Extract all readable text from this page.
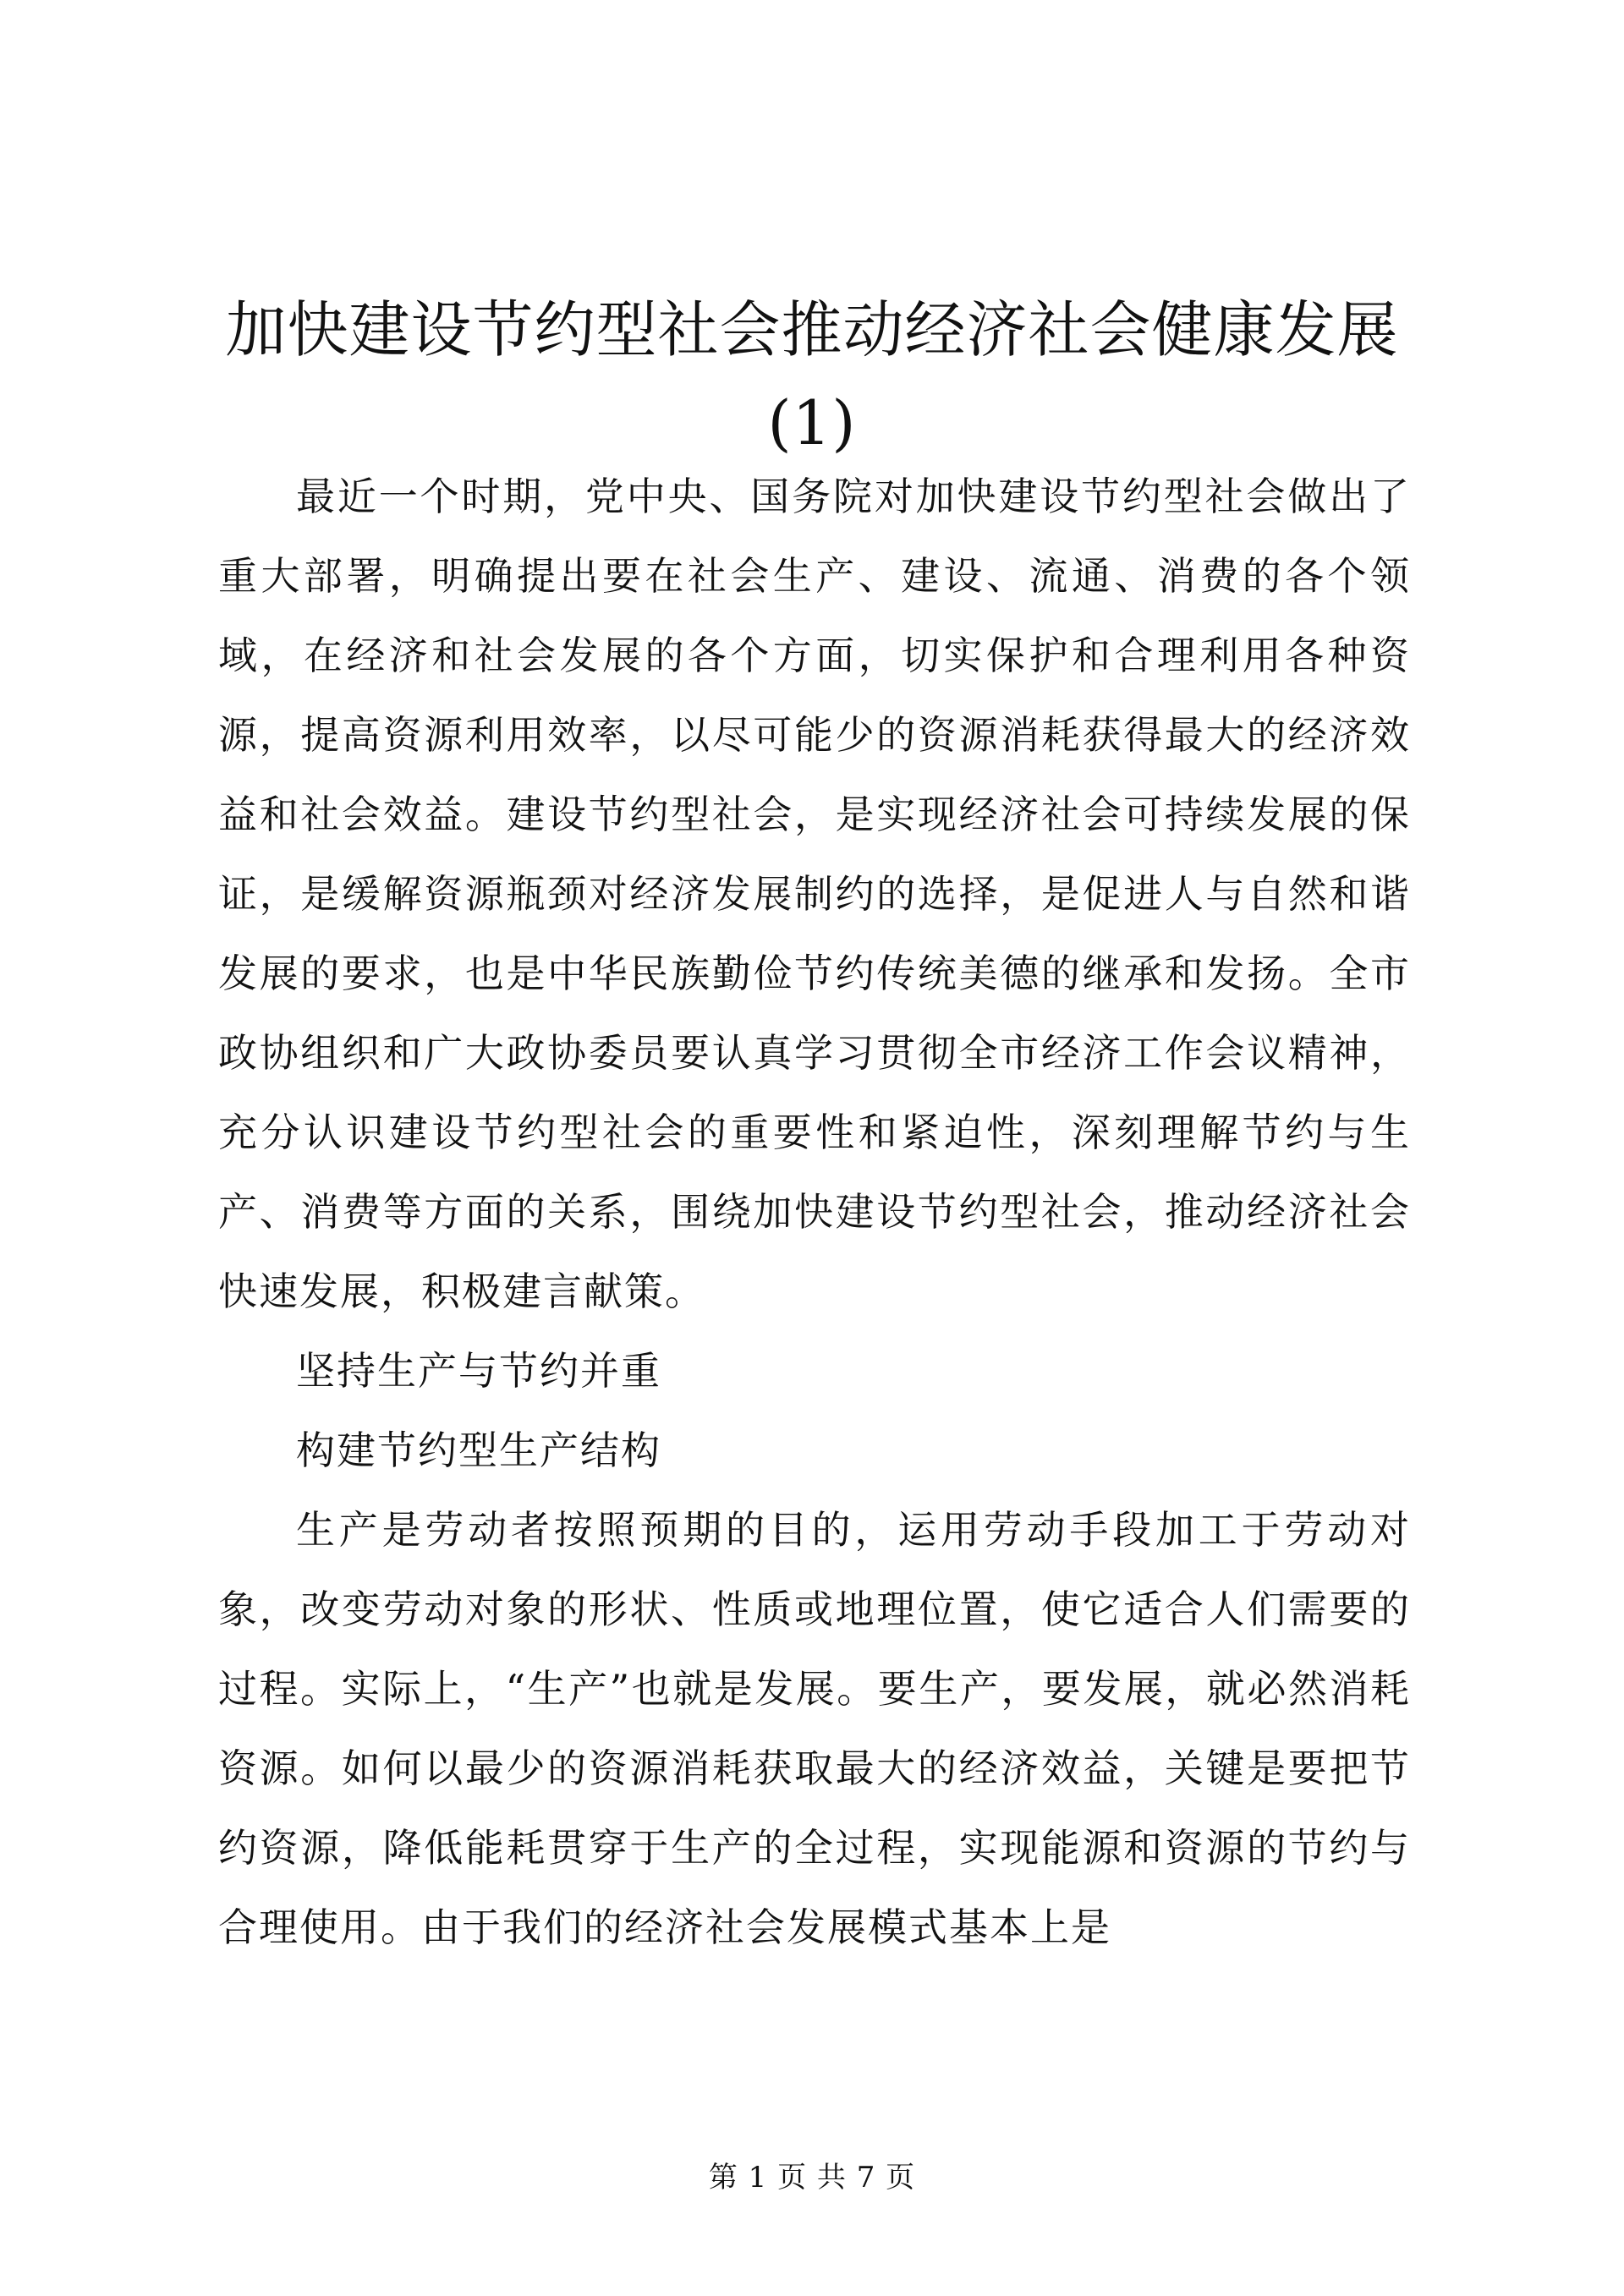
加快建设节约型社会推动经济社会健康发展
(1)

最近一个时期，党中央、国务院对加快建设节约型社会做出了重大部署，明确提出要在社会生产、建设、流通、消费的各个领域，在经济和社会发展的各个方面，切实保护和合理利用各种资源，提高资源利用效率，以尽可能少的资源消耗获得最大的经济效益和社会效益。建设节约型社会，是实现经济社会可持续发展的保证，是缓解资源瓶颈对经济发展制约的选择，是促进人与自然和谐发展的要求，也是中华民族勤俭节约传统美德的继承和发扬。全市政协组织和广大政协委员要认真学习贯彻全市经济工作会议精神，充分认识建设节约型社会的重要性和紧迫性，深刻理解节约与生产、消费等方面的关系，围绕加快建设节约型社会，推动经济社会快速发展，积极建言献策。

坚持生产与节约并重

构建节约型生产结构

生产是劳动者按照预期的目的，运用劳动手段加工于劳动对象，改变劳动对象的形状、性质或地理位置，使它适合人们需要的过程。实际上，“生产”也就是发展。要生产，要发展，就必然消耗资源。如何以最少的资源消耗获取最大的经济效益，关键是要把节约资源，降低能耗贯穿于生产的全过程，实现能源和资源的节约与合理使用。由于我们的经济社会发展模式基本上是

第 1 页 共 7 页
